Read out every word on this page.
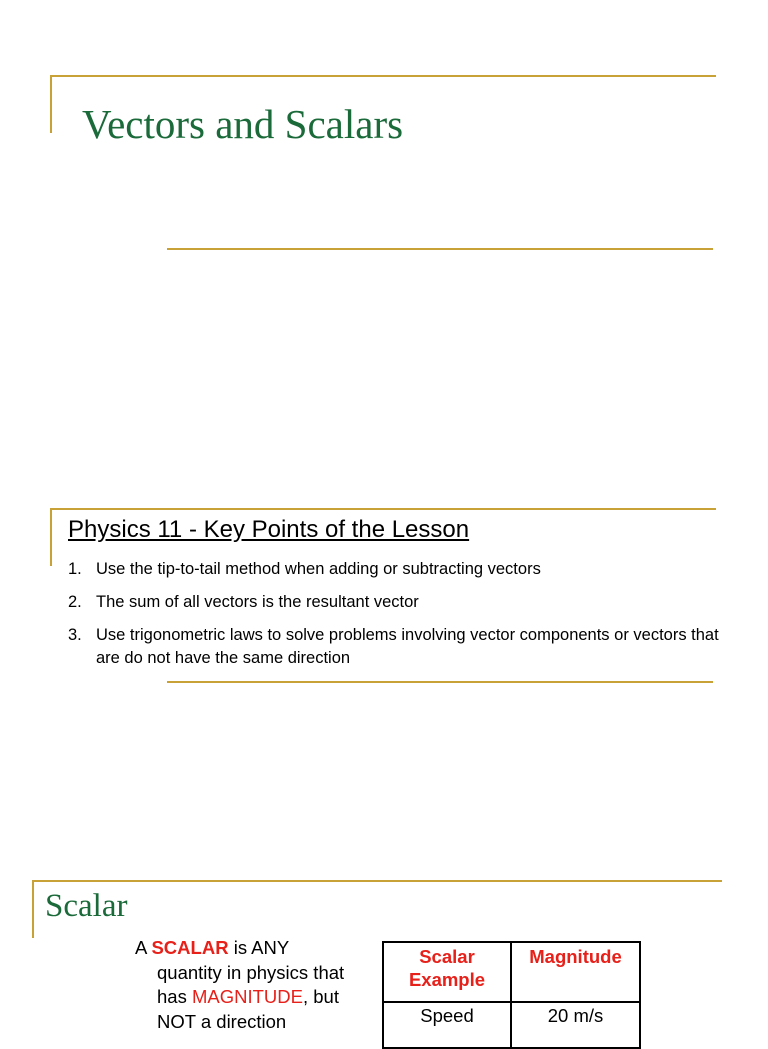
Vectors and Scalars
Physics 11 - Key Points of the Lesson
1. Use the tip-to-tail method when adding or subtracting vectors
2. The sum of all vectors is the resultant vector
3. Use trigonometric laws to solve problems involving vector components or vectors that are do not have the same direction
Scalar

A SCALAR is ANY
quantity in physics that
has MAGNITUDE, but
NOT a direction

Scalar Example	Magnitude
Speed	20 m/s
